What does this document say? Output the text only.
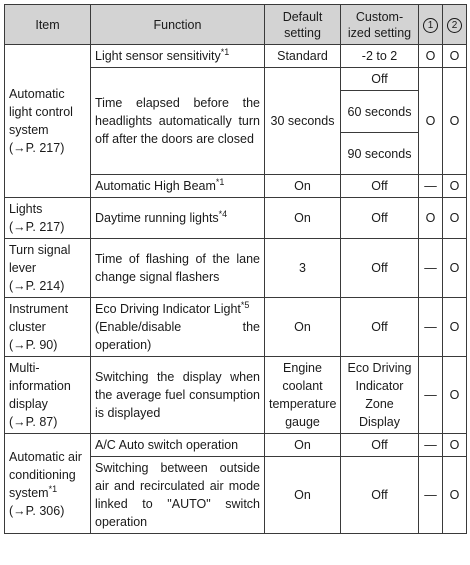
Item	Function	Default setting	Custom-ized setting	1	2
Automatic light control system
(→P. 217)	Light sensor sensitivity$^{*1}$	Standard	-2 to 2	O	O
	Time elapsed before the headlights automatically turn off after the doors are closed	30 seconds	Off	O	O
			60 seconds		
			90 seconds		
	Automatic High Beam$^{*1}$	On	Off	—	O
Lights
(→P. 217)	Daytime running lights$^{*4}$	On	Off	O	O
Turn signal lever
(→P. 214)	Time of flashing of the lane change signal flashers	3	Off	—	O
Instrument cluster
(→P. 90)	Eco Driving Indicator Light$^{*5}$
(Enable/disable the operation)	On	Off	—	O
Multi-information display
(→P. 87)	Switching the display when the average fuel consumption is displayed	Engine coolant temperature gauge	Eco Driving Indicator Zone Display	—	O
Automatic air conditioning system$^{*1}$
(→P. 306)	A/C Auto switch operation	On	Off	—	O
	Switching between outside air and recirculated air mode linked to "AUTO" switch operation	On	Off	—	O
